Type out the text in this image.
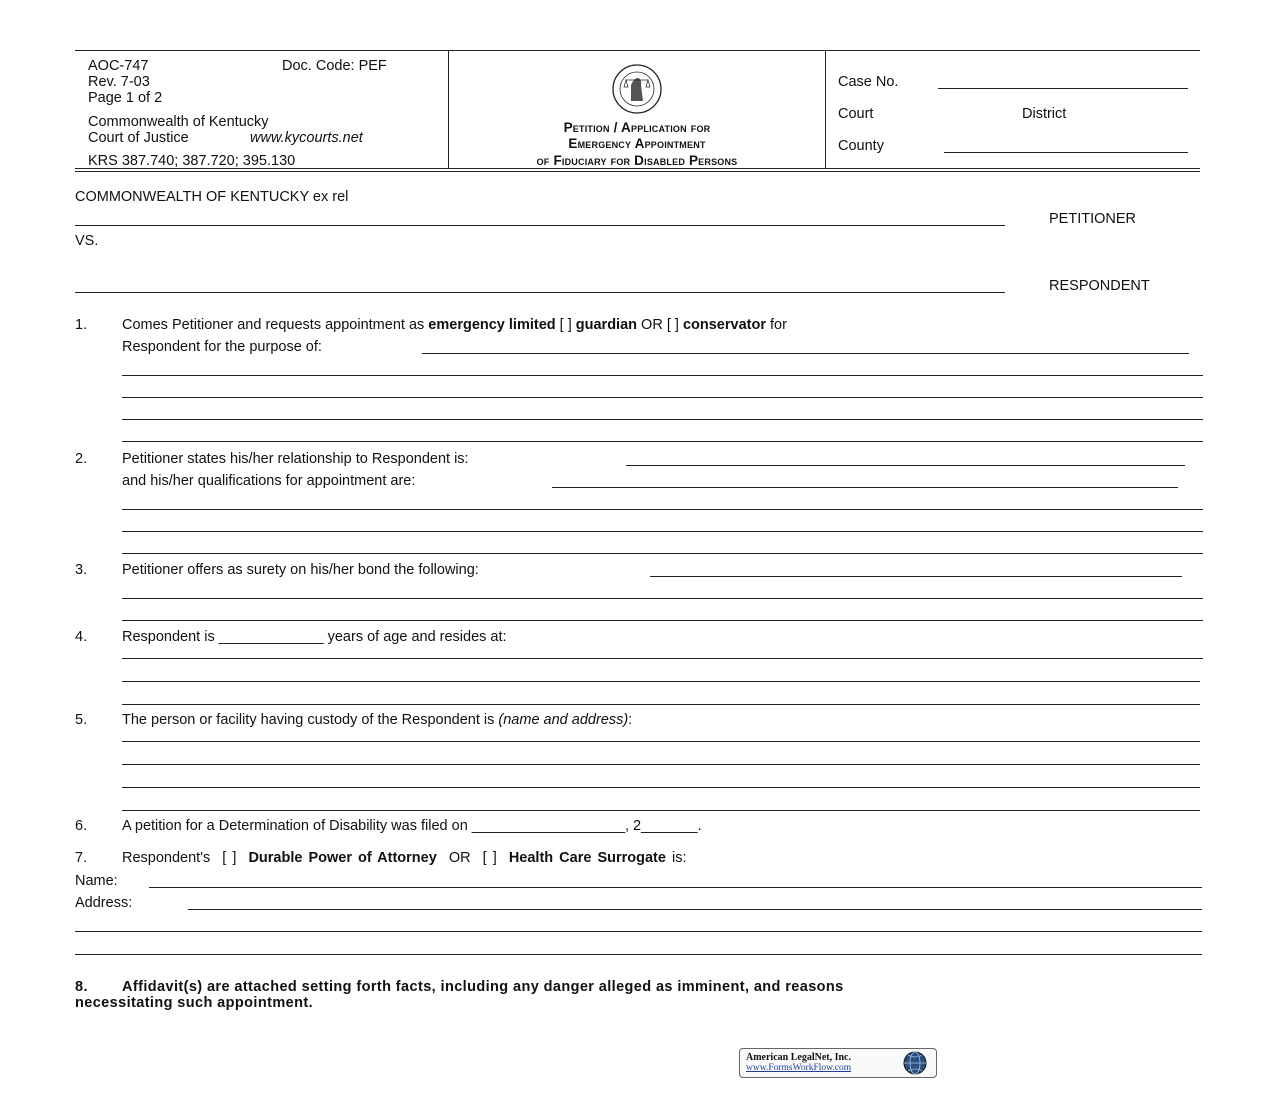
AOC-747	Doc. Code: PEF
Rev. 7-03
Page 1 of 2
Commonwealth of Kentucky
Court of Justice	www.kycourts.net
KRS 387.740; 387.720; 395.130
Petition / Application for
Emergency Appointment
of Fiduciary for Disabled Persons
Case No.
Court	District
County
COMMONWEALTH OF KENTUCKY ex rel
PETITIONER
VS.
RESPONDENT
1. Comes Petitioner and requests appointment as emergency limited [ ] guardian OR [ ] conservator for
Respondent for the purpose of:
2. Petitioner states his/her relationship to Respondent is:
and his/her qualifications for appointment are:
3. Petitioner offers as surety on his/her bond the following:
4. Respondent is _____________ years of age and resides at:
5. The person or facility having custody of the Respondent is (name and address):
6. A petition for a Determination of Disability was filed on ___________________, 2_______.
7. Respondent's [ ] Durable Power of Attorney OR [ ] Health Care Surrogate is:
Name:
Address:
8. Affidavit(s) are attached setting forth facts, including any danger alleged as imminent, and reasons
necessitating such appointment.
American LegalNet, Inc.
www.FormsWorkFlow.com
